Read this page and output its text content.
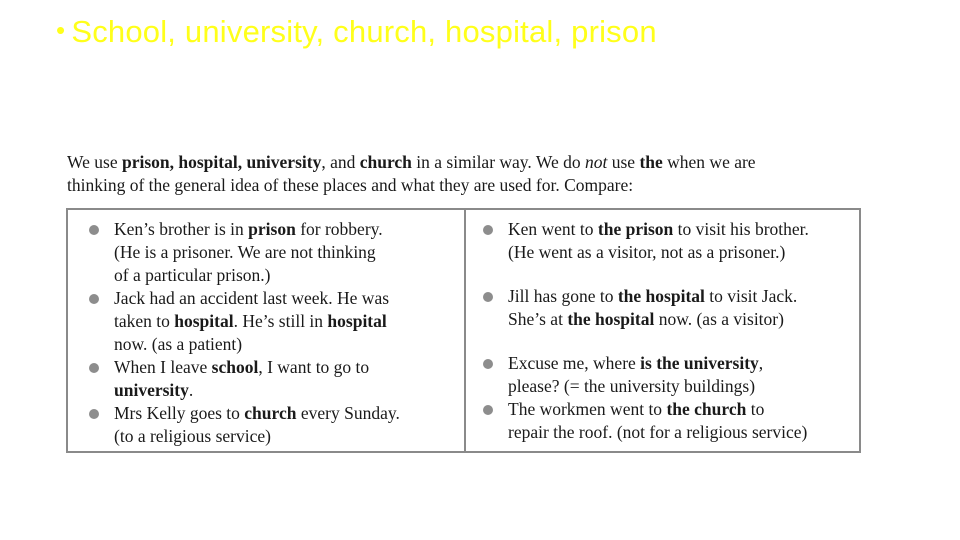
• School, university, church, hospital, prison
We use prison, hospital, university, and church in a similar way. We do not use the when we are
thinking of the general idea of these places and what they are used for. Compare:

Ken’s brother is in prison for robbery.

(He is a prisoner. We are not thinking

of a particular prison.)

Jack had an accident last week. He was

taken to hospital. He’s still in hospital

now. (as a patient)

When I leave school, I want to go to

university.

Mrs Kelly goes to church every Sunday.

(to a religious service)

Ken went to the prison to visit his brother.

(He went as a visitor, not as a prisoner.)

Jill has gone to the hospital to visit Jack.

She’s at the hospital now. (as a visitor)

Excuse me, where is the university,

please? (= the university buildings)

The workmen went to the church to

repair the roof. (not for a religious service)
